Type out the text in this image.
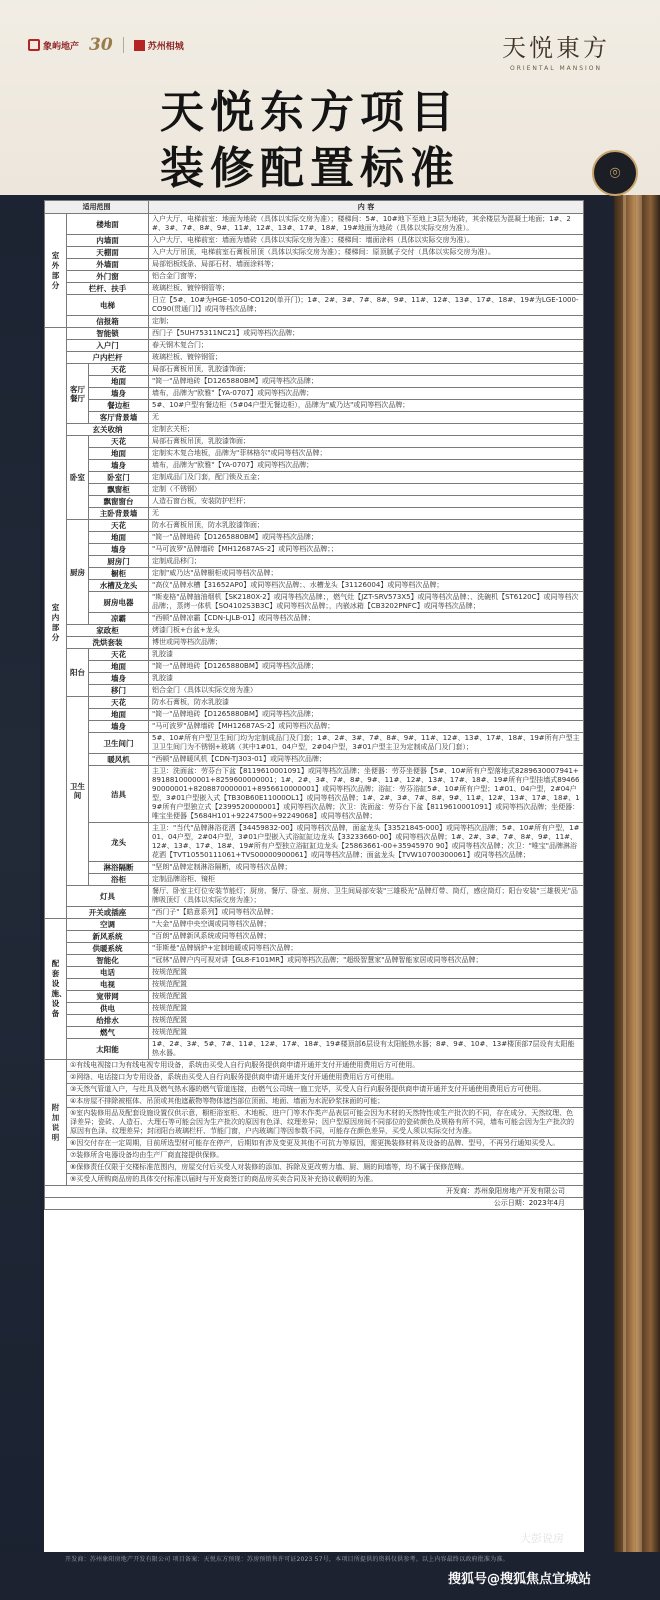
象屿地产 30	苏州相城	天悦東方
ORIENTAL MANSION
天悦东方项目
装修配置标准	⌾
适用范围			内 容
室外部分	楼地面		入户大厅、电梯前室：地面为地砖（具体以实际交房为准）；楼梯间：5#、10#地下至地上3层为地砖，其余楼层为混凝土地面；1#、2#、3#、7#、8#、9#、11#、12#、13#、17#、18#、19#地面为地砖（具体以实际交房为准）。
	内墙面		入户大厅、电梯前室：墙面为墙砖（具体以实际交房为准）；楼梯间：墙面涂料（具体以实际交房为准）。
	天棚面		入户大厅吊顶，电梯前室石膏板吊顶（具体以实际交房为准）；楼梯间：原顶腻子交付（具体以实际交房为准）。
	外墙面		局部铝板线条、局部石材、墙面涂料等；
	外门窗		铝合金门窗等；
	栏杆、扶手		玻璃栏板、镀锌钢管等；
	电梯		日立【5#、10#为HGE-1050-CO120(单开门)；1#、2#、3#、7#、8#、9#、11#、12#、13#、17#、18#、19#为LGE-1000-CO90(贯通门)】或同等档次品牌；
	信报箱		定制；
室内部分	智能锁		西门子【5UH75311NC21】或同等档次品牌；
	入户门		春天钢木复合门；
	户内栏杆		玻璃栏板、镀锌钢管；
	客厅餐厅	天花	局部石膏板吊顶，乳胶漆饰面；
		地面	"简一"品牌地砖【D1265880BM】或同等档次品牌；
		墙身	墙布，品牌为"欧雅"【YA-0707】或同等档次品牌；
		餐边柜	5#、10#户型有餐边柜（5#04户型无餐边柜），品牌为"威乃达"或同等档次品牌；
		客厅背景墙	无
	玄关收纳		定制玄关柜；
	卧室	天花	局部石膏板吊顶，乳胶漆饰面；
		地面	定制实木复合地板，品牌为"菲林格尔"或同等档次品牌；
		墙身	墙布，品牌为"欧雅"【YA-0707】或同等档次品牌；
		卧室门	定制成品门及门套，配门锁及五金；
		飘窗柜	定制（不锈钢）
		飘窗窗台	人造石窗台板，安装防护栏杆；
		主卧背景墙	无
	厨房	天花	防水石膏板吊顶，防水乳胶漆饰面；
		地面	"简一"品牌地砖【D1265880BM】或同等档次品牌；
		墙身	"马可波罗"品牌墙砖【MH12687AS-2】或同等档次品牌；；
		厨房门	定制成品移门；
		橱柜	定制"威乃达"品牌橱柜或同等档次品牌；
		水槽及龙头	"高仪"品牌水槽【31652AP0】或同等档次品牌；、水槽龙头【31126004】或同等档次品牌；
		厨房电器	"斯麦格"品牌抽油烟机【SK2180X-2】或同等档次品牌；，燃气灶【JZT-SRV573X5】或同等档次品牌；、洗碗机【ST6120C】或同等档次品牌；，蒸烤一体机【SO4102S3B3C】或同等档次品牌；，内嵌冰箱【CB3202PNFC】或同等档次品牌；
		凉霸	"西顿"品牌凉霸【CDN-LJLB-01】或同等档次品牌；
	家政柜		烤漆门板+台盆+龙头
	洗烘套装		博世或同等档次品牌；
	阳台	天花	乳胶漆
		地面	"简一"品牌地砖【D1265880BM】或同等档次品牌；
		墙身	乳胶漆
		移门	铝合金门（具体以实际交房为准）
	卫生间	天花	防水石膏板，防水乳胶漆
		地面	"简一"品牌地砖【D1265880BM】或同等档次品牌；
		墙身	"马可波罗"品牌墙砖【MH12687AS-2】或同等档次品牌；
		卫生间门	5#、10#所有户型卫生间门均为定制成品门及门套；1#、2#、3#、7#、8#、9#、11#、12#、13#、17#、18#、19#所有户型主卫卫生间门为不锈钢+玻璃（其中1#01、04户型，2#04户型，3#01户型主卫为定制成品门及门套）；
		暖风机	"西顿"品牌暖风机【CDN-TJ303-01】或同等档次品牌；
		洁具	主卫：洗面盆：劳芬台下盆【8119610001091】或同等档次品牌；坐便器：劳芬坐便器【5#、10#所有户型落地式8289630007941+8918810000001+8259600000001；1#、2#、3#、7#、8#、9#、11#、12#、13#、17#、18#、19#所有户型挂墙式8946690000001+8208870000001+8956610000001】或同等档次品牌；浴缸：劳芬浴缸5#、10#所有户型；1#01、04户型，2#04户型，3#01户型嵌入式【TB30B60E11000OL1】或同等档次品牌；1#、2#、3#、7#、8#、9#、11#、12#、13#、17#、18#、19#所有户型独立式【2399520000001】或同等档次品牌；次卫：洗面盆：劳芬台下盆【8119610001091】或同等档次品牌；坐便器：唯宝坐便器【5684H101+92247500+92249068】或同等档次品牌；
		龙头	主卫："当代"品牌淋浴花洒【34459832-00】或同等档次品牌，面盆龙头【33521845-000】或同等档次品牌；5#、10#所有户型，1#01、04户型，2#04户型，3#01户型嵌入式浴缸缸边龙头【33233660-00】或同等档次品牌；1#、2#、3#、7#、8#、9#、11#、12#、13#、17#、18#、19#所有户型独立浴缸缸边龙头【25863661-00+35945970 90】或同等档次品牌；次卫："唯宝"品牌淋浴花洒【TVT10550111061+TVS00000900061】或同等档次品牌；面盆龙头【TVW10700300061】或同等档次品牌；
		淋浴隔断	"坚朗"品牌定制淋浴隔断，或同等档次品牌；
		浴柜	定制品牌浴柜、镜柜
	灯具		餐厅、卧室主灯位安装节能灯；厨房、餐厅、卧室、厨房、卫生间局部安装"三雄极光"品牌灯带、筒灯，感应筒灯；阳台安装"三雄极光"品牌吸顶灯（具体以实际交房为准）；
	开关或插座		"西门子"【皓意系列】或同等档次品牌；
配套设施、设备	空调		"大金"品牌中央空调或同等档次品牌；
	新风系统		"百朗"品牌新风系统或同等档次品牌；
	供暖系统		"菲斯曼"品牌锅炉+定制地暖或同等档次品牌；
	智能化		"冠林"品牌户内可视对讲【GL8-F101MR】或同等档次品牌；"超级智慧家"品牌智能家居或同等档次品牌；
	电话		按规范配置
	电视		按规范配置
	宽带网		按规范配置
	供电		按规范配置
	给排水		按规范配置
	燃气		按规范配置
	太阳能		1#、2#、3#、5#、7#、11#、12#、17#、18#、19#楼顶部6层设有太阳能热水器；8#、9#、10#、13#楼顶部7层设有太阳能热水器。
附加说明	①有线电视接口为有线电视专用设备，系统由买受人自行向服务提供商申请开通并支付开通使用费用后方可使用。		
	②网络、电话接口为专用设备，系统由买受人自行向服务提供商申请开通并支付开通使用费用后方可使用。		
	③天然气管道入户，与灶具及燃气热水器的燃气管道连接，由燃气公司统一施工完毕，买受人自行向服务提供商申请开通并支付开通使用费用后方可使用。		
	④本房屋不排除被框体、吊顶或其他遮蔽物等物体遮挡部位顶面、地面、墙面为水泥砂浆抹面的可能；		
	⑤室内装修用品及配套设施设置仅供示意，橱柜浴室柜、木地板、进户门等木作类产品表层可能会因为木材的天然特性或生产批次的不同，存在成分、天然纹理、色泽差异；瓷砖、人造石、大理石等可能会因为生产批次的原因有色泽、纹理差异；因户型原因房间不同部位的瓷砖颜色及规格有所不同，墙布可能会因为生产批次的原因有色泽、纹理差异；封闭阳台玻璃栏杆、节能门窗，户内玻璃门等因参数不同，可能存在颜色差异，买受人须以实际交付为准。		
	⑥因交付存在一定周期，目前所选型材可能存在停产，后期如有涉及变更及其他不可抗力等原因，需更换装修材料及设备的品牌、型号，不再另行通知买受人。		
	⑦装修所含电器设备均由生产厂商直接提供保修。		
	⑧保修责任仅限于交楼标准范围内，房屋交付后买受人对装修的添加、拆除及更改剪力墙、厨、厕的间墙等，均不属于保修范畴。		
	⑨买受人所购商品房的具体交付标准以届时与开发商签订的商品房买卖合同及补充协议载明的为准。		
开发商：苏州象阳房地产开发有限公司			
公示日期：2023年4月			
开发商：苏州象阳房地产开发有限公司 项目备案：天悦东方预现：苏房预销售许可证2023 57号，本项目所提供的资料仅供参考。以上内容最终以政府批准为准。
大彭说房
搜狐号@搜狐焦点宜城站
